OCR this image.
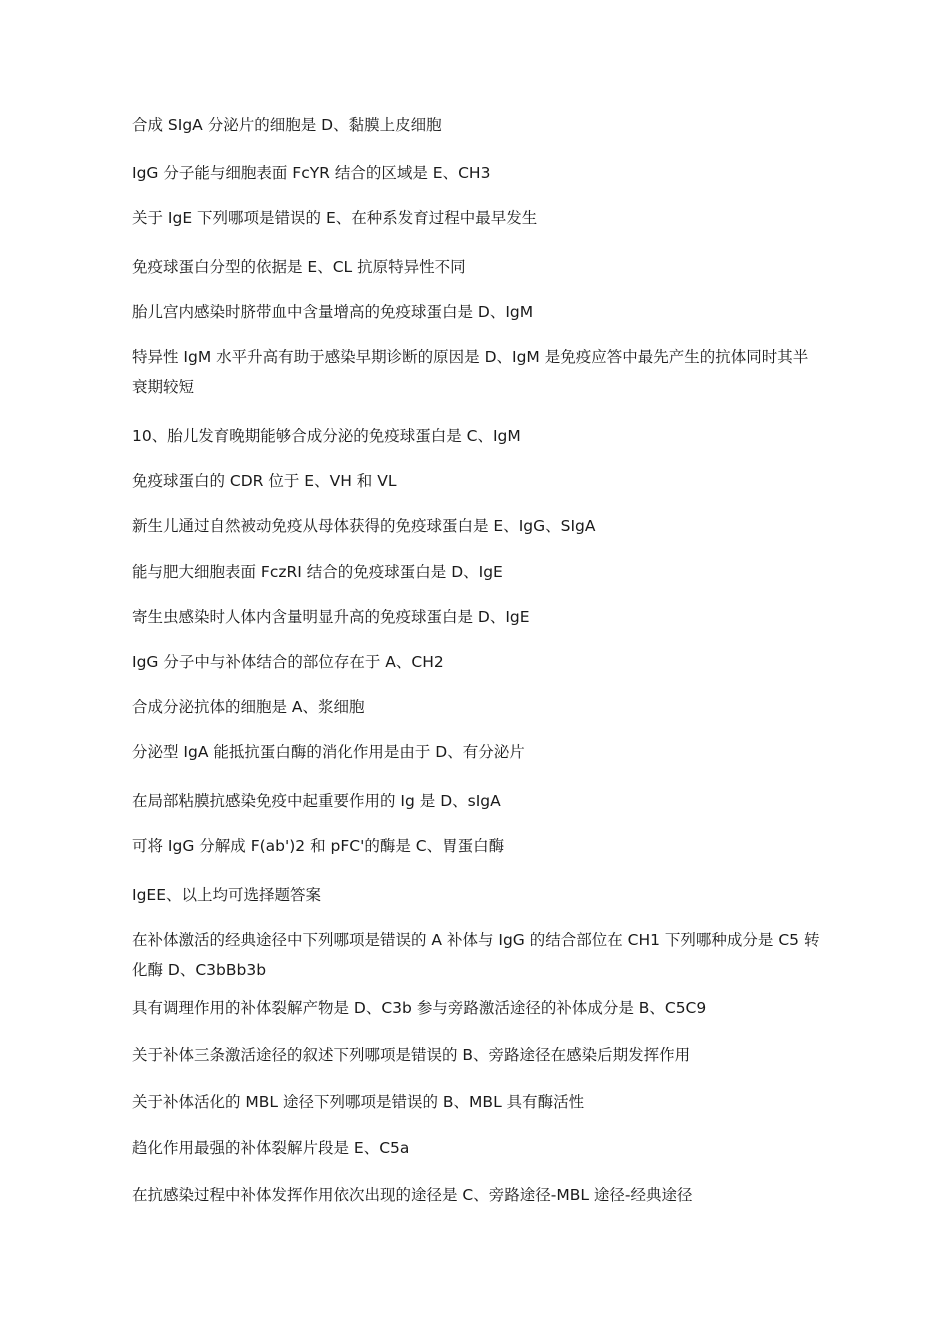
合成 SIgA 分泌片的细胞是 D、黏膜上皮细胞
IgG 分子能与细胞表面 FcYR 结合的区域是 E、CH3
关于 IgE 下列哪项是错误的 E、在种系发育过程中最早发生
免疫球蛋白分型的依据是 E、CL 抗原特异性不同
胎儿宫内感染时脐带血中含量增高的免疫球蛋白是 D、IgM
特异性 IgM 水平升高有助于感染早期诊断的原因是 D、IgM 是免疫应答中最先产生的抗体同时其半衰期较短
10、胎儿发育晚期能够合成分泌的免疫球蛋白是 C、IgM
免疫球蛋白的 CDR 位于 E、VH 和 VL
新生儿通过自然被动免疫从母体获得的免疫球蛋白是 E、IgG、SIgA
能与肥大细胞表面 FczRI 结合的免疫球蛋白是 D、IgE
寄生虫感染时人体内含量明显升高的免疫球蛋白是 D、IgE
IgG 分子中与补体结合的部位存在于 A、CH2
合成分泌抗体的细胞是 A、浆细胞
分泌型 IgA 能抵抗蛋白酶的消化作用是由于 D、有分泌片
在局部粘膜抗感染免疫中起重要作用的 Ig 是 D、sIgA
可将 IgG 分解成 F(ab')2 和 pFC'的酶是 C、胃蛋白酶
IgEE、以上均可选择题答案
在补体激活的经典途径中下列哪项是错误的 A 补体与 IgG 的结合部位在 CH1 下列哪种成分是 C5 转化酶 D、C3bBb3b
具有调理作用的补体裂解产物是 D、C3b 参与旁路激活途径的补体成分是 B、C5C9
关于补体三条激活途径的叙述下列哪项是错误的 B、旁路途径在感染后期发挥作用
关于补体活化的 MBL 途径下列哪项是错误的 B、MBL 具有酶活性
趋化作用最强的补体裂解片段是 E、C5a
在抗感染过程中补体发挥作用依次出现的途径是 C、旁路途径-MBL 途径-经典途径
